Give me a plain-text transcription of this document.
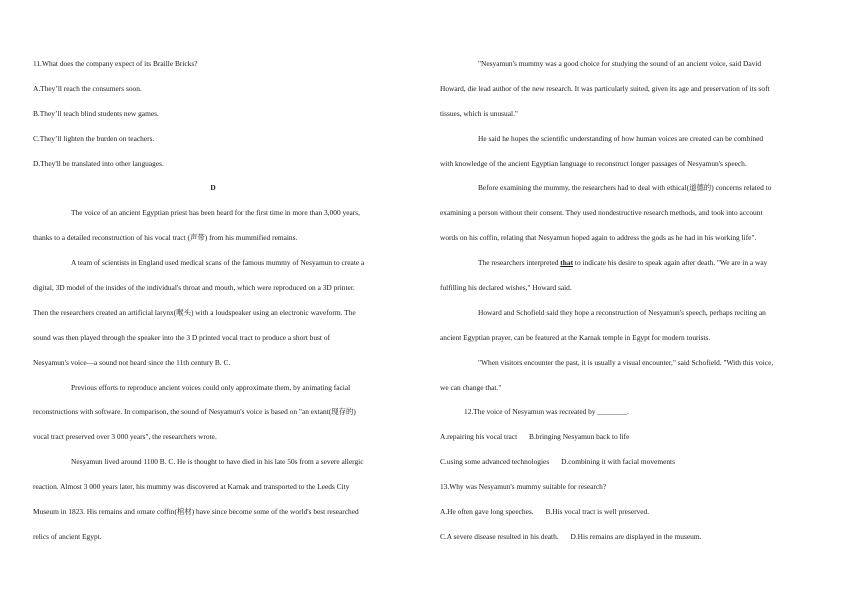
11.What does the company expect of its Braille Bricks?
A.They’ll reach the consumers soon.
B.They’ll teach blind students new games.
C.They’ll lighten the burden on teachers.
D.They'll be translated into other languages.
D
The voice of an ancient Egyptian priest has been heard for the first time in more than 3,000 years,
thanks to a detailed reconstruction of his vocal tract (声带) from his mummified remains.
A team of scientists in England used medical scans of the famous mummy of Nesyamun to create a
digital, 3D model of the insides of the individual's throat and mouth, which were reproduced on a 3D printer.
Then the researchers created an artificial larynx(喉头) with a loudspeaker using an electronic waveform. The
sound was then played through the speaker into the 3 D printed vocal tract to produce a short bust of
Nesyamun's voice—a sound not heard since the 11th century B. C.
Previous efforts to reproduce ancient voices could only approximate them, by animating facial
reconstructions with software. In comparison, the sound of Nesyamun's voice is based on "an extant(现存的)
vocal tract preserved over 3 000 years", the researchers wrote.
Nesyamun lived around 1100 B. C. He is thought to have died in his late 50s from a severe allergic
reaction. Almost 3 000 years later, his mummy was discovered at Karnak and transported to the Leeds City
Museum in 1823. His remains and ornate coffin(棺材) have since become some of the world's best researched
relics of ancient Egypt.
"Nesyamun's mummy was a good choice for studying the sound of an ancient voice, said David
Howard, die lead author of the new research. It was particularly suited, given its age and preservation of its soft
tissues, which is unusual."
He said he hopes the scientific understanding of how human voices are created can be combined
with knowledge of the ancient Egyptian language to reconstruct longer passages of Nesyamun's speech.
Before examining the mummy, the researchers had to deal with ethical(道德的) concerns related to
examining a person without their consent. They used nondestructive research methods, and took into account
words on his coffin, relating that Nesyamun hoped again to address the gods as he had in his working life".
The researchers interpreted that to indicate his desire to speak again after death. "We are in a way
fulfilling his declared wishes," Howard said.
Howard and Schofield said they hope a reconstruction of Nesyamun's speech, perhaps reciting an
ancient Egyptian prayer, can be featured at the Karnak temple in Egypt for modern tourists.
"When visitors encounter the past, it is usually a visual encounter," said Schofield. "With this voice,
we can change that."
12.The voice of Nesyamun was recreated by ________.
A.repairing his vocal tract B.bringing Nesyamun back to life
C.using some advanced technologies D.combining it with facial movements
13.Why was Nesyamun's mummy suitable for research?
A.He often gave long speeches. B.His vocal tract is well preserved.
C.A severe disease resulted in his death. D.His remains are displayed in the museum.
